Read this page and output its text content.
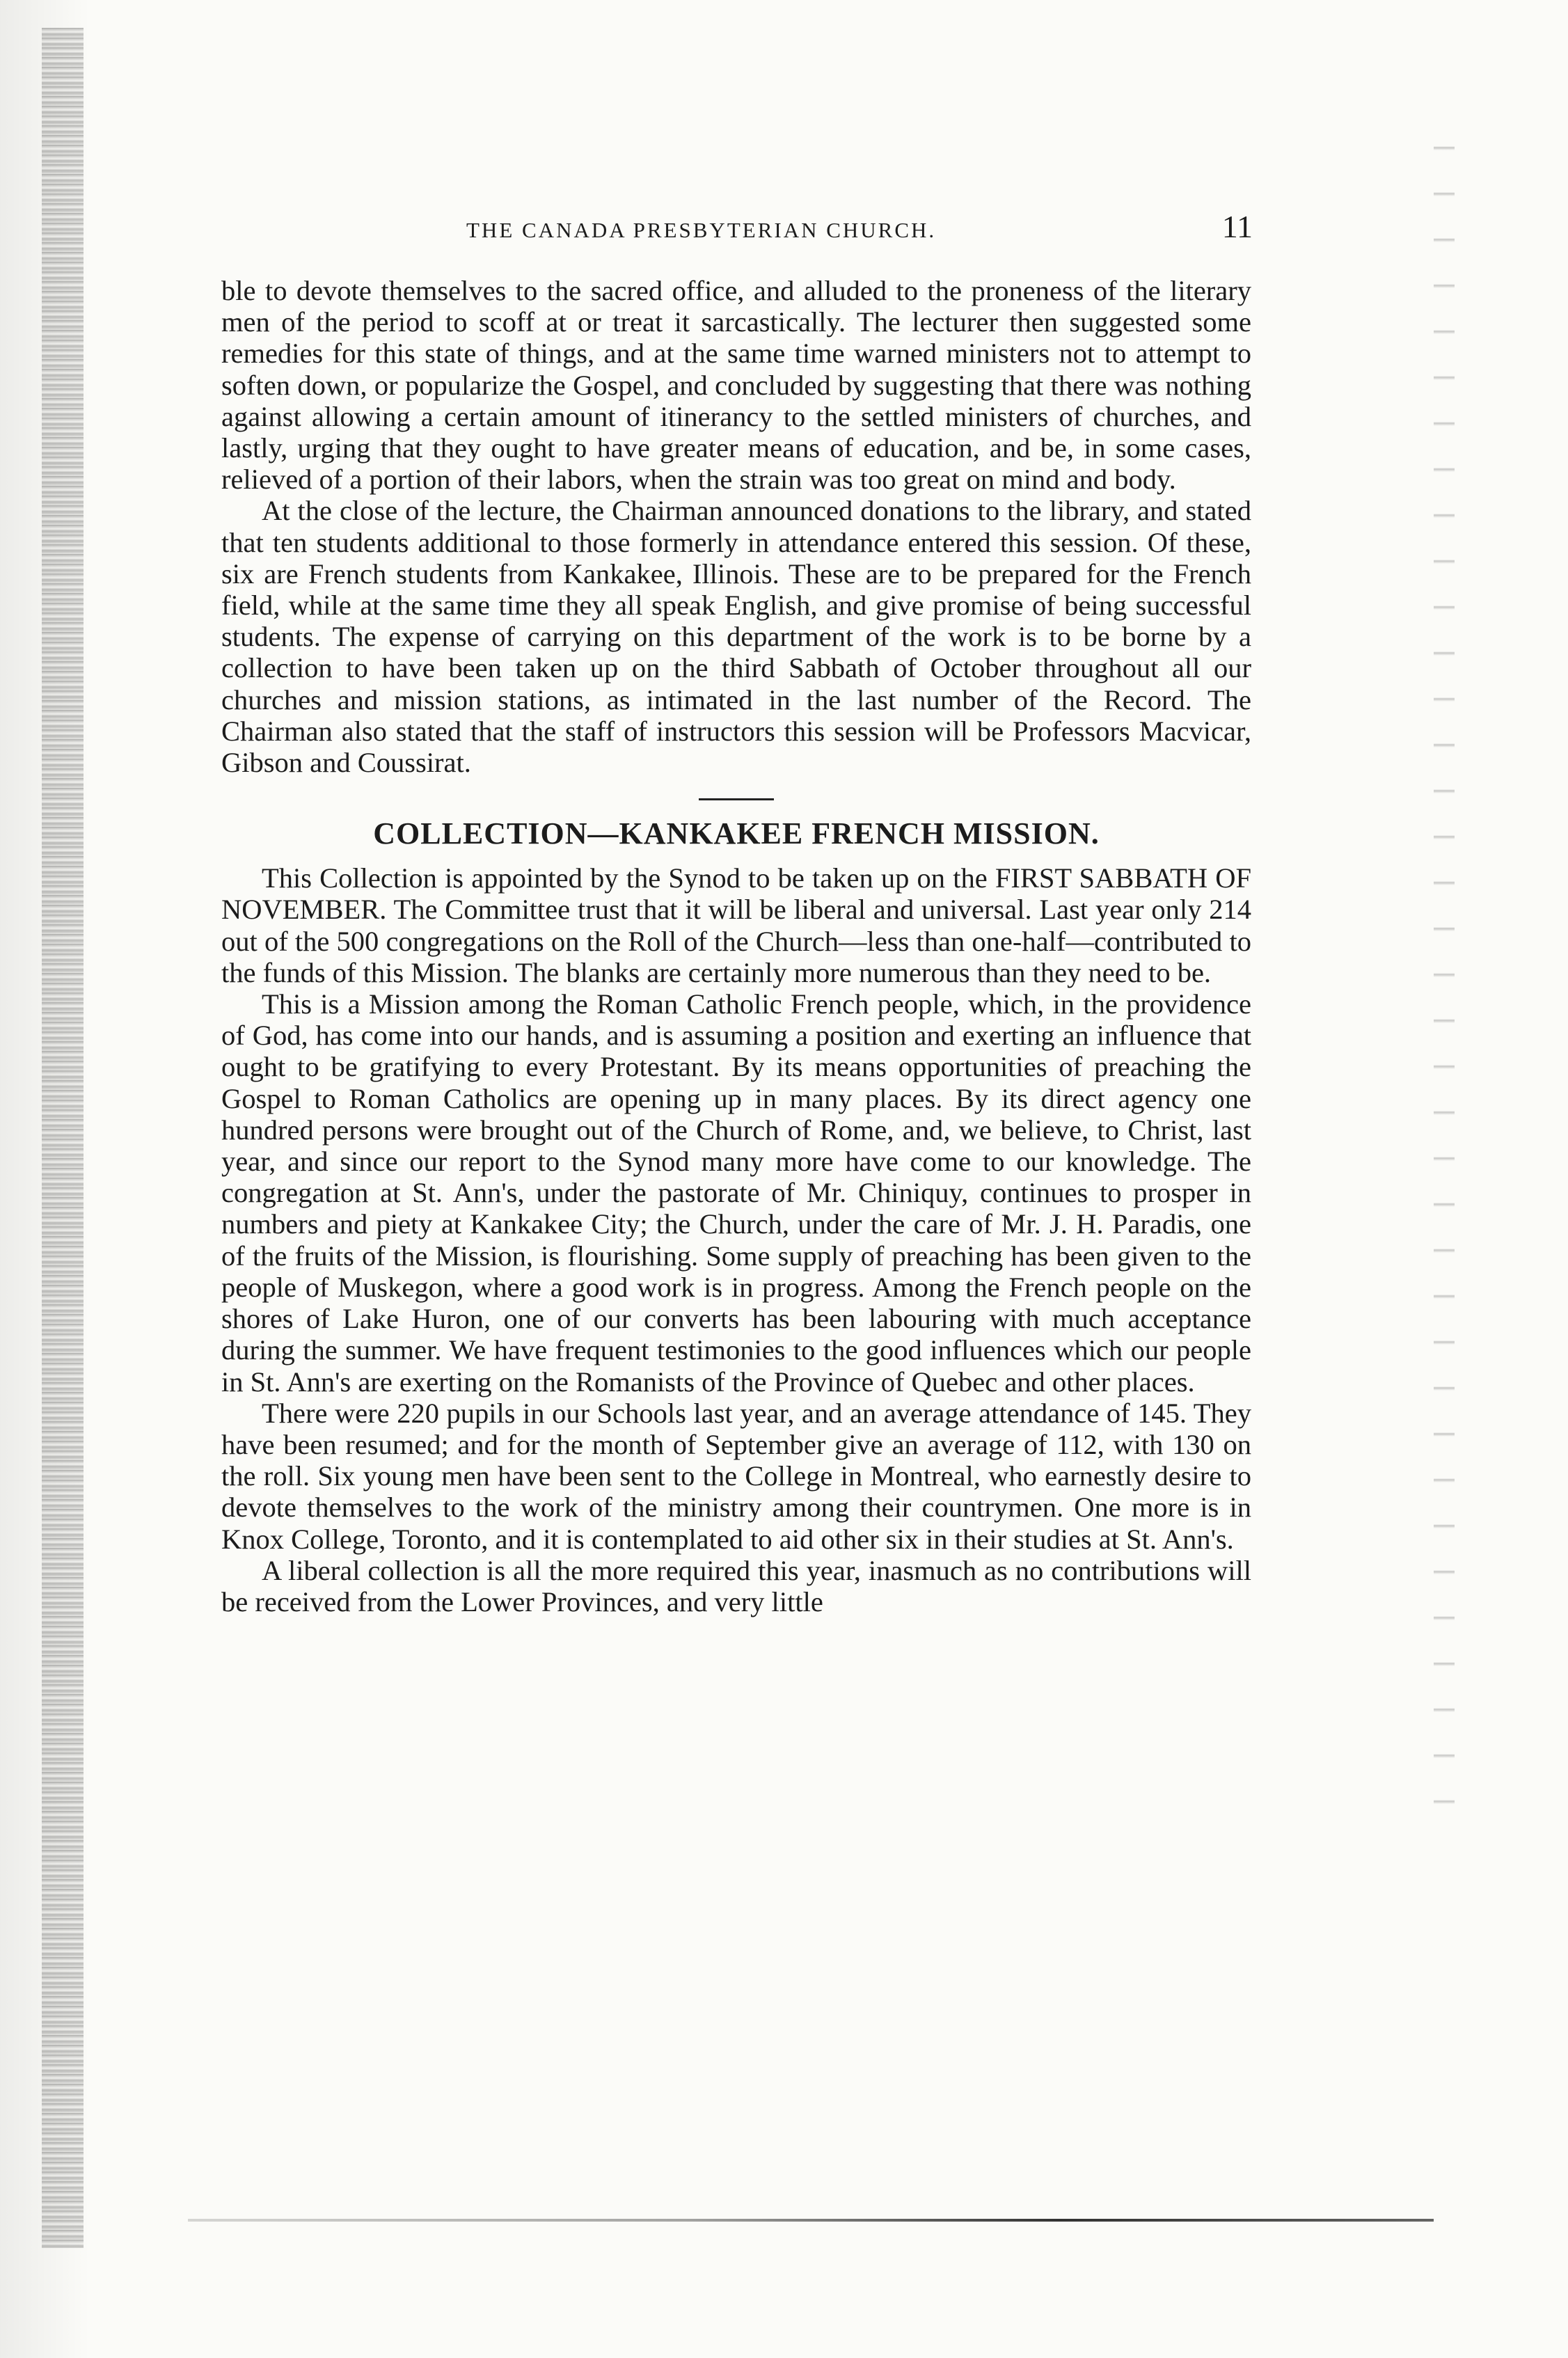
THE CANADA PRESBYTERIAN CHURCH.	11

ble to devote themselves to the sacred office, and alluded to the proneness of the literary men of the period to scoff at or treat it sarcastically. The lecturer then suggested some remedies for this state of things, and at the same time warned ministers not to attempt to soften down, or popularize the Gospel, and concluded by suggesting that there was nothing against allowing a certain amount of itinerancy to the settled ministers of churches, and lastly, urging that they ought to have greater means of education, and be, in some cases, relieved of a portion of their labors, when the strain was too great on mind and body.

At the close of the lecture, the Chairman announced donations to the library, and stated that ten students additional to those formerly in attendance entered this session. Of these, six are French students from Kankakee, Illinois. These are to be prepared for the French field, while at the same time they all speak English, and give promise of being successful students. The expense of carrying on this department of the work is to be borne by a collection to have been taken up on the third Sabbath of October throughout all our churches and mission stations, as intimated in the last number of the Record. The Chairman also stated that the staff of instructors this session will be Professors Macvicar, Gibson and Coussirat.

COLLECTION—KANKAKEE FRENCH MISSION.

This Collection is appointed by the Synod to be taken up on the FIRST SABBATH OF NOVEMBER. The Committee trust that it will be liberal and universal. Last year only 214 out of the 500 congregations on the Roll of the Church—less than one-half—contributed to the funds of this Mission. The blanks are certainly more numerous than they need to be.

This is a Mission among the Roman Catholic French people, which, in the providence of God, has come into our hands, and is assuming a position and exerting an influence that ought to be gratifying to every Protestant. By its means opportunities of preaching the Gospel to Roman Catholics are opening up in many places. By its direct agency one hundred persons were brought out of the Church of Rome, and, we believe, to Christ, last year, and since our report to the Synod many more have come to our knowledge. The congregation at St. Ann's, under the pastorate of Mr. Chiniquy, continues to prosper in numbers and piety at Kankakee City; the Church, under the care of Mr. J. H. Paradis, one of the fruits of the Mission, is flourishing. Some supply of preaching has been given to the people of Muskegon, where a good work is in progress. Among the French people on the shores of Lake Huron, one of our converts has been labouring with much acceptance during the summer. We have frequent testimonies to the good influences which our people in St. Ann's are exerting on the Romanists of the Province of Quebec and other places.

There were 220 pupils in our Schools last year, and an average attendance of 145. They have been resumed; and for the month of September give an average of 112, with 130 on the roll. Six young men have been sent to the College in Montreal, who earnestly desire to devote themselves to the work of the ministry among their countrymen. One more is in Knox College, Toronto, and it is contemplated to aid other six in their studies at St. Ann's.

A liberal collection is all the more required this year, inasmuch as no contributions will be received from the Lower Provinces, and very little
